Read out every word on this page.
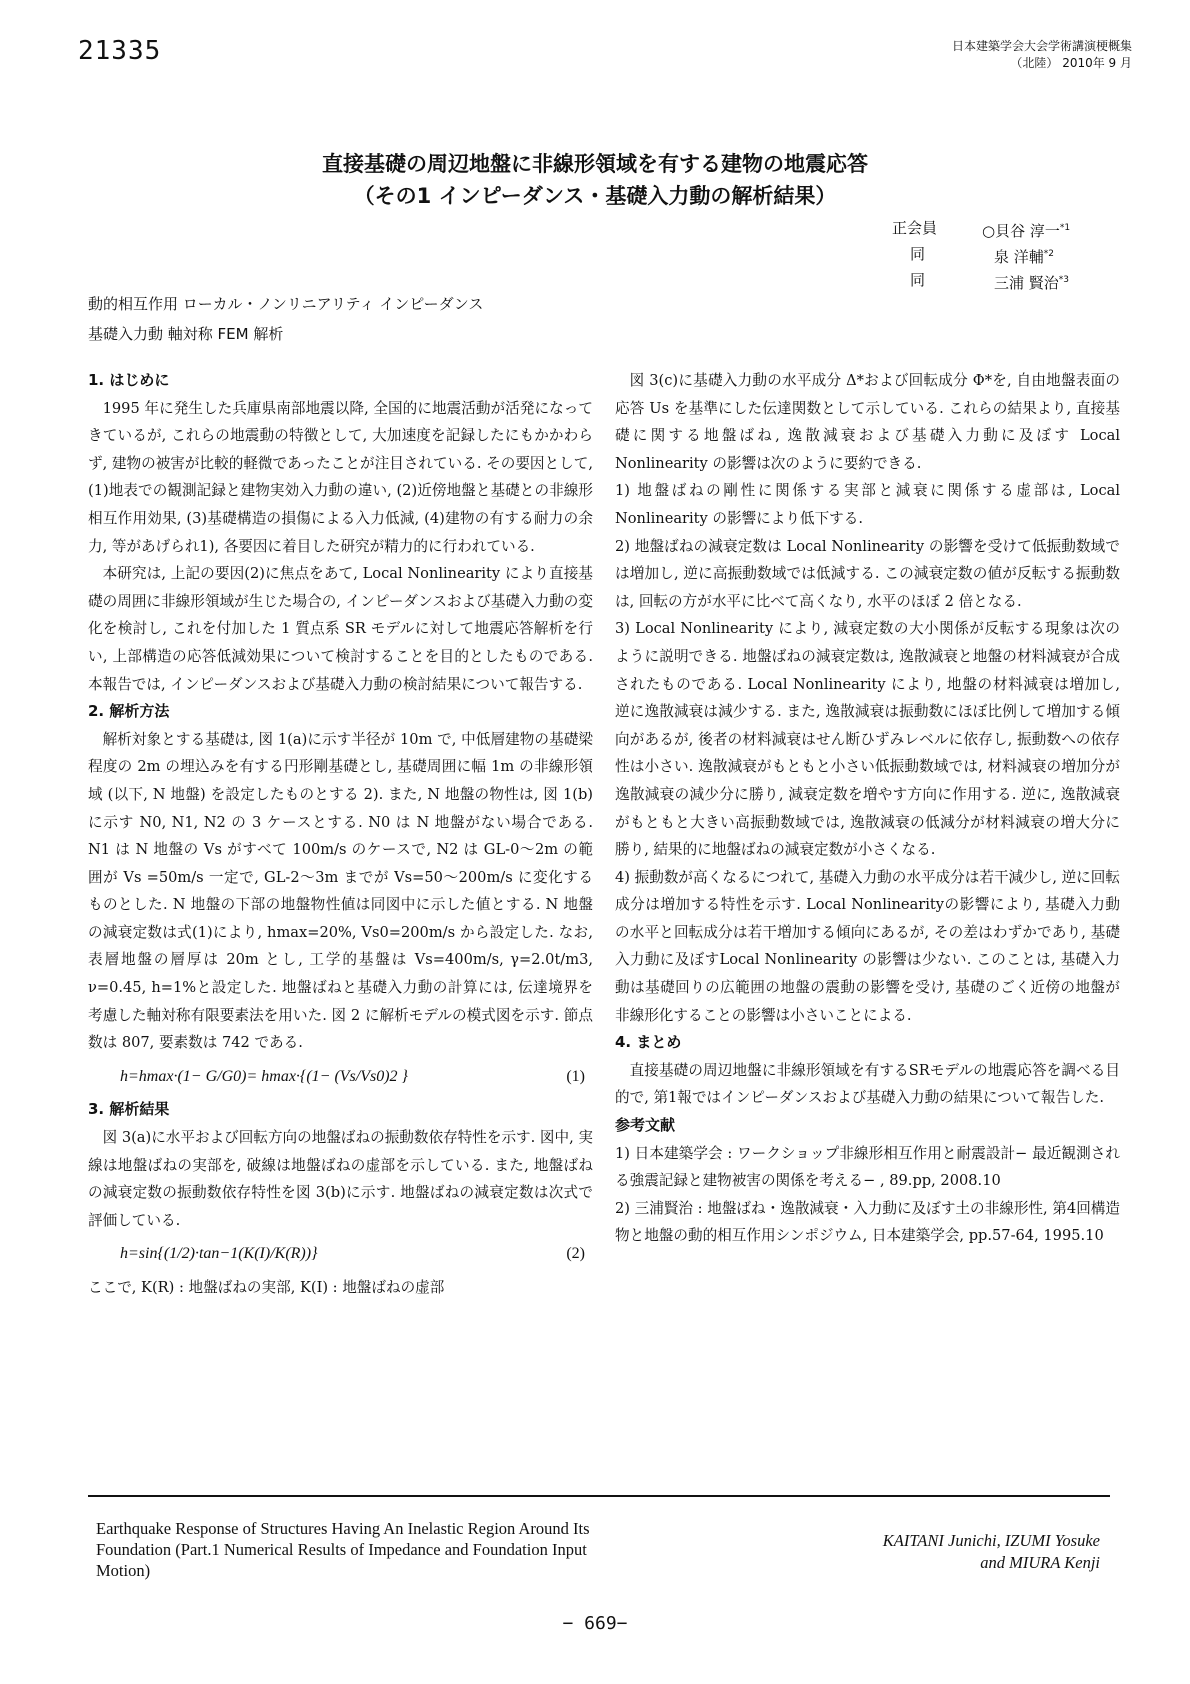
21335	日本建築学会大会学術講演梗概集
（北陸） 2010年 9 月
直接基礎の周辺地盤に非線形領域を有する建物の地震応答
（その1 インピーダンス・基礎入力動の解析結果）
正会員	○貝谷 淳一$^{*1}$
同	泉 洋輔$^{*2}$
同	三浦 賢治$^{*3}$
動的相互作用 ローカル・ノンリニアリティ インピーダンス
基礎入力動 軸対称 FEM 解析
1. はじめに

1995 年に発生した兵庫県南部地震以降, 全国的に地震活動が活発になってきているが, これらの地震動の特徴として, 大加速度を記録したにもかかわらず, 建物の被害が比較的軽微であったことが注目されている. その要因として, (1)地表での観測記録と建物実効入力動の違い, (2)近傍地盤と基礎との非線形相互作用効果, (3)基礎構造の損傷による入力低減, (4)建物の有する耐力の余力, 等があげられ1), 各要因に着目した研究が精力的に行われている.

本研究は, 上記の要因(2)に焦点をあて, Local Nonlinearity により直接基礎の周囲に非線形領域が生じた場合の, インピーダンスおよび基礎入力動の変化を検討し, これを付加した 1 質点系 SR モデルに対して地震応答解析を行い, 上部構造の応答低減効果について検討することを目的としたものである. 本報告では, インピーダンスおよび基礎入力動の検討結果について報告する.

2. 解析方法

解析対象とする基礎は, 図 1(a)に示す半径が 10m で, 中低層建物の基礎梁程度の 2m の埋込みを有する円形剛基礎とし, 基礎周囲に幅 1m の非線形領域 (以下, N 地盤) を設定したものとする 2). また, N 地盤の物性は, 図 1(b)に示す N0, N1, N2 の 3 ケースとする. N0 は N 地盤がない場合である. N1 は N 地盤の Vs がすべて 100m/s のケースで, N2 は GL-0〜2m の範囲が Vs =50m/s 一定で, GL-2〜3m までが Vs=50〜200m/s に変化するものとした. N 地盤の下部の地盤物性値は同図中に示した値とする. N 地盤の減衰定数は式(1)により, hmax=20%, Vs0=200m/s から設定した. なお, 表層地盤の層厚は 20m とし, 工学的基盤は Vs=400m/s, γ=2.0t/m3, ν=0.45, h=1%と設定した. 地盤ばねと基礎入力動の計算には, 伝達境界を考慮した軸対称有限要素法を用いた. 図 2 に解析モデルの模式図を示す. 節点数は 807, 要素数は 742 である.

h=hmax·(1− G/G0)= hmax·{(1− (Vs/Vs0)2 }	(1)
3. 解析結果

図 3(a)に水平および回転方向の地盤ばねの振動数依存特性を示す. 図中, 実線は地盤ばねの実部を, 破線は地盤ばねの虚部を示している. また, 地盤ばねの減衰定数の振動数依存特性を図 3(b)に示す. 地盤ばねの減衰定数は次式で評価している.

h=sin{(1/2)·tan−1(K(I)/K(R))}	(2)

ここで, K(R) : 地盤ばねの実部, K(I) : 地盤ばねの虚部

図 3(c)に基礎入力動の水平成分 Δ*および回転成分 Φ*を, 自由地盤表面の応答 Us を基準にした伝達関数として示している. これらの結果より, 直接基礎に関する地盤ばね, 逸散減衰および基礎入力動に及ぼす Local Nonlinearity の影響は次のように要約できる.

1) 地盤ばねの剛性に関係する実部と減衰に関係する虚部は, Local Nonlinearity の影響により低下する.

2) 地盤ばねの減衰定数は Local Nonlinearity の影響を受けて低振動数域では増加し, 逆に高振動数域では低減する. この減衰定数の値が反転する振動数は, 回転の方が水平に比べて高くなり, 水平のほぼ 2 倍となる.

3) Local Nonlinearity により, 減衰定数の大小関係が反転する現象は次のように説明できる. 地盤ばねの減衰定数は, 逸散減衰と地盤の材料減衰が合成されたものである. Local Nonlinearity により, 地盤の材料減衰は増加し, 逆に逸散減衰は減少する. また, 逸散減衰は振動数にほぼ比例して増加する傾向があるが, 後者の材料減衰はせん断ひずみレベルに依存し, 振動数への依存性は小さい. 逸散減衰がもともと小さい低振動数域では, 材料減衰の増加分が逸散減衰の減少分に勝り, 減衰定数を増やす方向に作用する. 逆に, 逸散減衰がもともと大きい高振動数域では, 逸散減衰の低減分が材料減衰の増大分に勝り, 結果的に地盤ばねの減衰定数が小さくなる.

4) 振動数が高くなるにつれて, 基礎入力動の水平成分は若干減少し, 逆に回転成分は増加する特性を示す. Local Nonlinearityの影響により, 基礎入力動の水平と回転成分は若干増加する傾向にあるが, その差はわずかであり, 基礎入力動に及ぼすLocal Nonlinearity の影響は少ない. このことは, 基礎入力動は基礎回りの広範囲の地盤の震動の影響を受け, 基礎のごく近傍の地盤が非線形化することの影響は小さいことによる.

4. まとめ

直接基礎の周辺地盤に非線形領域を有するSRモデルの地震応答を調べる目的で, 第1報ではインピーダンスおよび基礎入力動の結果について報告した.

参考文献

1) 日本建築学会 : ワークショップ非線形相互作用と耐震設計− 最近観測される強震記録と建物被害の関係を考える− , 89.pp, 2008.10

2) 三浦賢治 : 地盤ばね・逸散減衰・入力動に及ぼす土の非線形性, 第4回構造物と地盤の動的相互作用シンポジウム, 日本建築学会, pp.57-64, 1995.10

Earthquake Response of Structures Having An Inelastic Region Around Its Foundation (Part.1 Numerical Results of Impedance and Foundation Input Motion)
KAITANI Junichi, IZUMI Yosuke
and MIURA Kenji
− 669−
